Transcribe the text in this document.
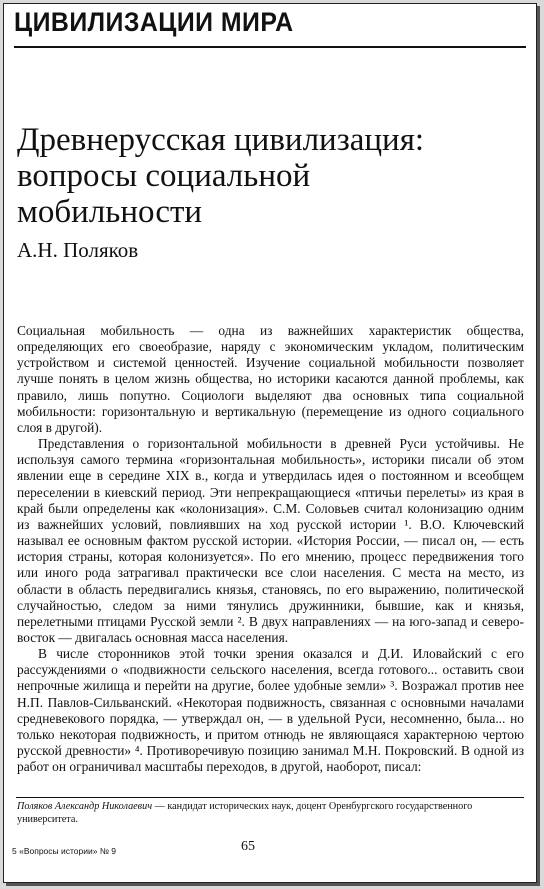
ЦИВИЛИЗАЦИИ МИРА
Древнерусская цивилизация: вопросы социальной мобильности
А.Н. Поляков

Социальная мобильность — одна из важнейших характеристик общества, определяющих его своеобразие, наряду с экономическим укладом, политическим устройством и системой ценностей. Изучение социальной мобильности позволяет лучше понять в целом жизнь общества, но историки касаются данной проблемы, как правило, лишь попутно. Социологи выделяют два основных типа социальной мобильности: горизонтальную и вертикальную (перемещение из одного социального слоя в другой).

Представления о горизонтальной мобильности в древней Руси устойчивы. Не используя самого термина «горизонтальная мобильность», историки писали об этом явлении еще в середине XIX в., когда и утвердилась идея о постоянном и всеобщем переселении в киевский период. Эти непрекращающиеся «птичьи перелеты» из края в край были определены как «колонизация». С.М. Соловьев считал колонизацию одним из важнейших условий, повлиявших на ход русской истории ¹. В.О. Ключевский называл ее основным фактом русской истории. «История России, — писал он, — есть история страны, которая колонизуется». По его мнению, процесс передвижения того или иного рода затрагивал практически все слои населения. С места на место, из области в область передвигались князья, становясь, по его выражению, политической случайностью, следом за ними тянулись дружинники, бывшие, как и князья, перелетными птицами Русской земли ². В двух направлениях — на юго-запад и северо-восток — двигалась основная масса населения.

В числе сторонников этой точки зрения оказался и Д.И. Иловайский с его рассуждениями о «подвижности сельского населения, всегда готового... оставить свои непрочные жилища и перейти на другие, более удобные земли» ³. Возражал против нее Н.П. Павлов-Сильванский. «Некоторая подвижность, связанная с основными началами средневекового порядка, — утверждал он, — в удельной Руси, несомненно, была... но только некоторая подвижность, и притом отнюдь не являющаяся характерною чертою русской древности» ⁴. Противоречивую позицию занимал М.Н. Покровский. В одной из работ он ограничивал масштабы переходов, в другой, наоборот, писал:

Поляков Александр Николаевич — кандидат исторических наук, доцент Оренбургского государственного университета.
5 «Вопросы истории» № 9	65
